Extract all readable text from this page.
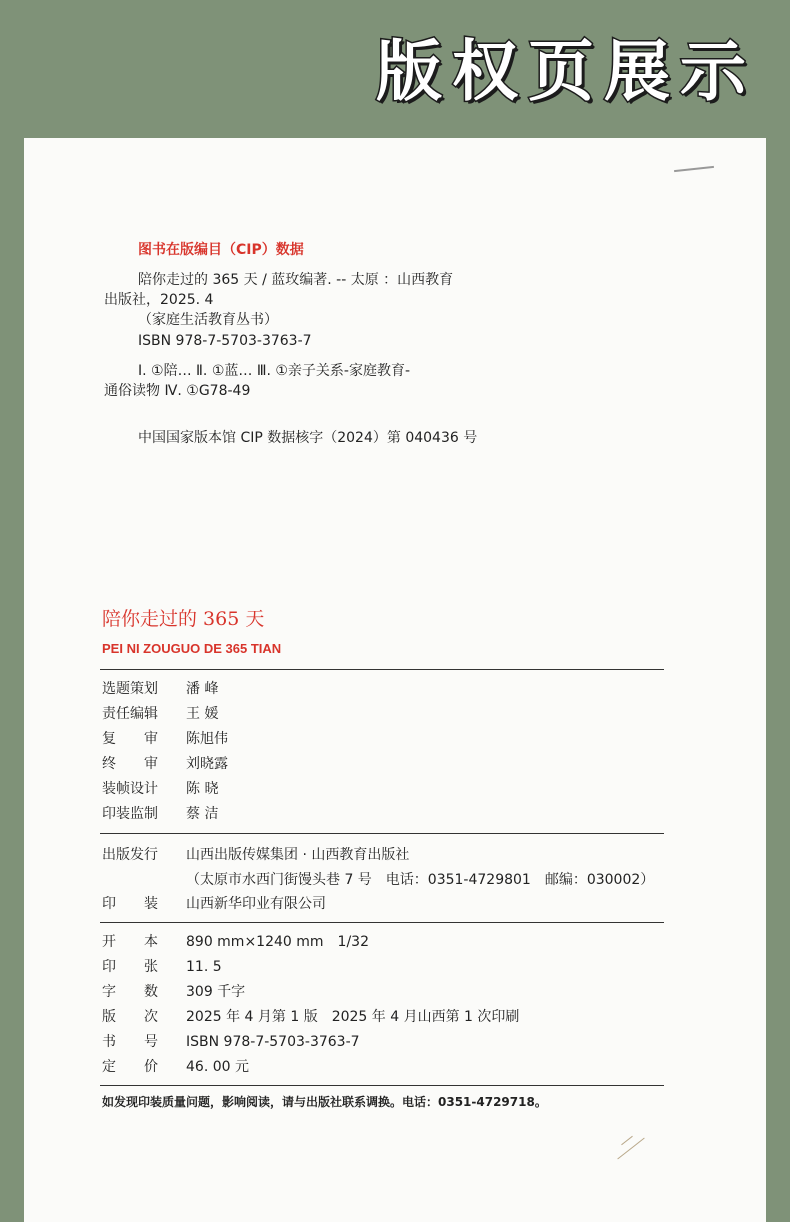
版权页展示
图书在版编目（CIP）数据
陪你走过的 365 天 / 蓝玫编著. -- 太原 ：山西教育
出版社，2025. 4
（家庭生活教育丛书）
ISBN 978-7-5703-3763-7
Ⅰ. ①陪… Ⅱ. ①蓝… Ⅲ. ①亲子关系-家庭教育-
通俗读物 Ⅳ. ①G78-49
中国国家版本馆 CIP 数据核字（2024）第 040436 号
陪你走过的 365 天
PEI NI ZOUGUO DE 365 TIAN
选题策划 潘 峰
责任编辑 王 媛
复　　审 陈旭伟
终　　审 刘晓露
装帧设计 陈 晓
印装监制 蔡 洁
出版发行 山西出版传媒集团 · 山西教育出版社
（太原市水西门街馒头巷 7 号　电话：0351-4729801　邮编：030002）
印　　装 山西新华印业有限公司
开　　本 890 mm×1240 mm　1/32
印　　张 11. 5
字　　数 309 千字
版　　次 2025 年 4 月第 1 版　2025 年 4 月山西第 1 次印刷
书　　号 ISBN 978-7-5703-3763-7
定　　价 46. 00 元
如发现印装质量问题，影响阅读，请与出版社联系调换。电话：0351-4729718。
